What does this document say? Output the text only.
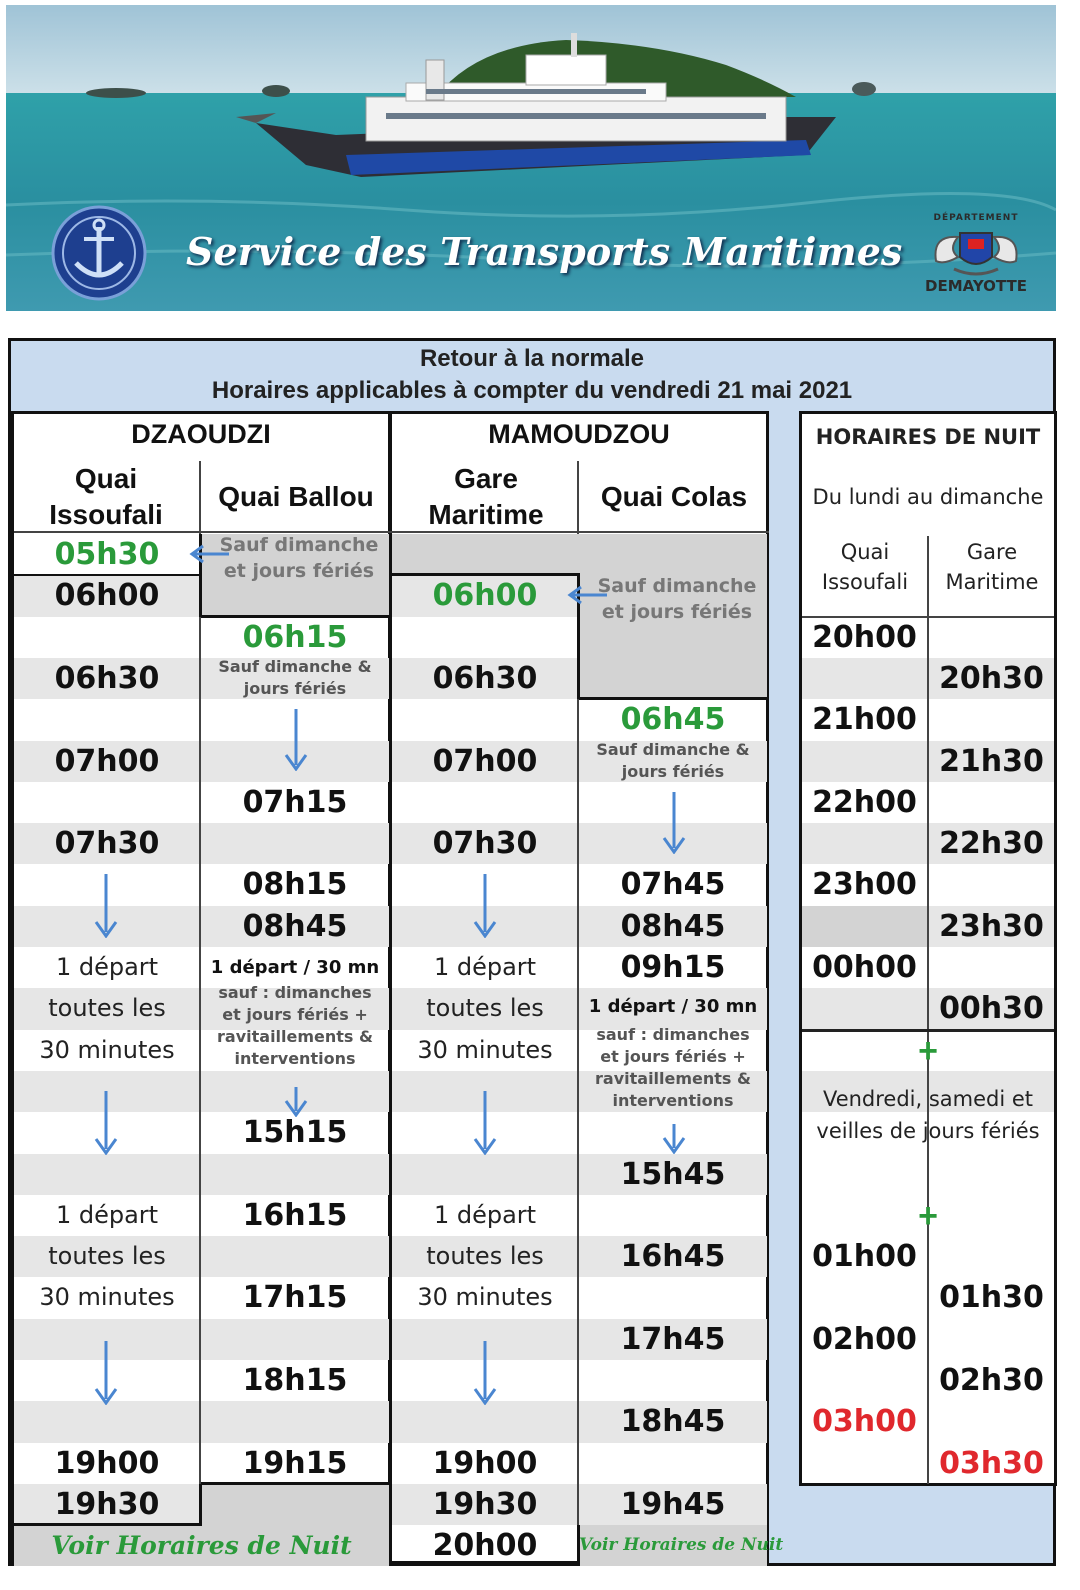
Service des Transports Maritimes
DÉPARTEMENT
DEMAYOTTE
Retour à la normale
Horaires applicables à compter du vendredi 21 mai 2021
DZAOUDZI
Quai Issoufali
Quai Ballou
MAMOUDZOU
Gare Maritime
Quai Colas
HORAIRES DE NUIT
Du lundi au dimanche
Quai Issoufali
Gare Maritime
05h30
06h00
06h30
07h00
07h30
19h00
19h30
1 départ
toutes les
30 minutes
1 départ
toutes les
30 minutes
Voir Horaires de Nuit
Sauf dimanche et jours fériés
06h15
Sauf dimanche & jours fériés
07h15
08h15
08h45
1 départ / 30 mn
sauf : dimanches et jours fériés + ravitaillements & interventions
15h15
16h15
17h15
18h15
19h15
06h00
06h30
07h00
07h30
1 départ
toutes les
30 minutes
1 départ
toutes les
30 minutes
19h00
19h30
20h00
Sauf dimanche et jours fériés
06h45
Sauf dimanche & jours fériés
07h45
08h45
09h15
1 départ / 30 mn
sauf : dimanches et jours fériés + ravitaillements & interventions
15h45
16h45
17h45
18h45
19h45
Voir Horaires de Nuit
20h00
21h00
22h00
23h00
00h00
20h30
21h30
22h30
23h30
00h30
+
Vendredi, samedi et veilles de jours fériés
+
01h00
02h00
03h00
01h30
02h30
03h30
